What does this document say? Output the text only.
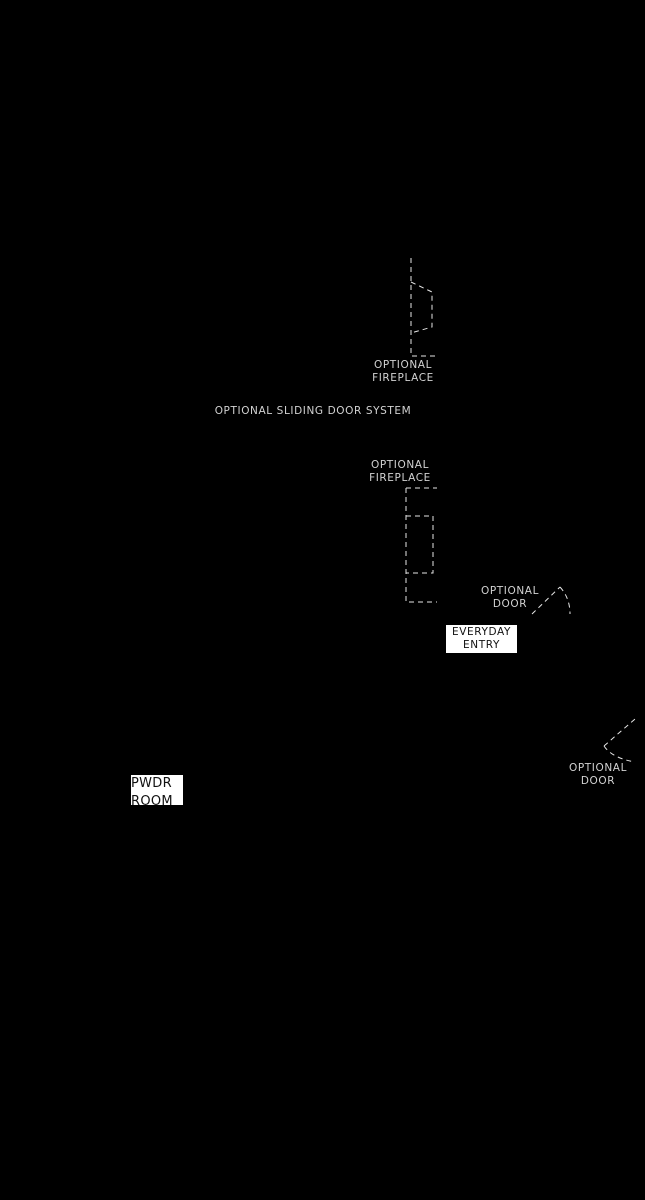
OPTIONAL
FIREPLACE
OPTIONAL SLIDING DOOR SYSTEM
OPTIONAL
FIREPLACE
OPTIONAL
DOOR
EVERYDAY
ENTRY
OPTIONAL
DOOR
PWDR
ROOM
